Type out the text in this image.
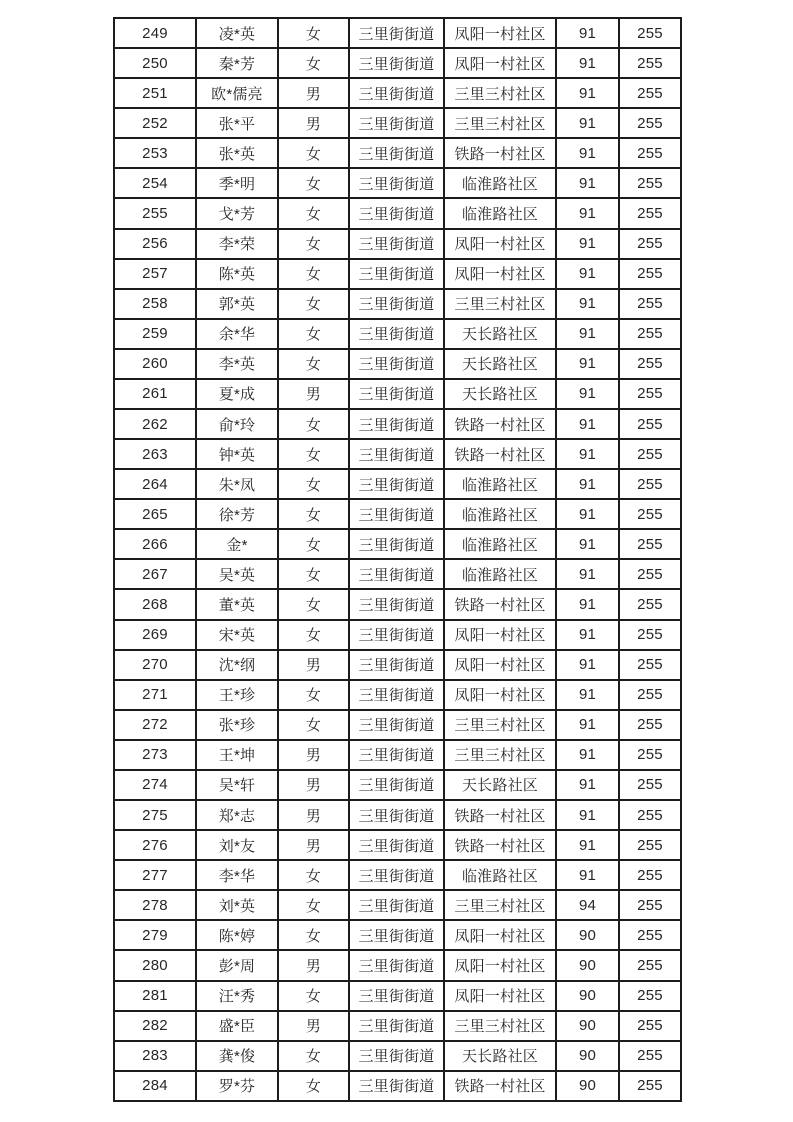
249	凌*英	女	三里街街道	凤阳一村社区	91	255
250	秦*芳	女	三里街街道	凤阳一村社区	91	255
251	欧*儒亮	男	三里街街道	三里三村社区	91	255
252	张*平	男	三里街街道	三里三村社区	91	255
253	张*英	女	三里街街道	铁路一村社区	91	255
254	季*明	女	三里街街道	临淮路社区	91	255
255	戈*芳	女	三里街街道	临淮路社区	91	255
256	李*荣	女	三里街街道	凤阳一村社区	91	255
257	陈*英	女	三里街街道	凤阳一村社区	91	255
258	郭*英	女	三里街街道	三里三村社区	91	255
259	余*华	女	三里街街道	天长路社区	91	255
260	李*英	女	三里街街道	天长路社区	91	255
261	夏*成	男	三里街街道	天长路社区	91	255
262	俞*玲	女	三里街街道	铁路一村社区	91	255
263	钟*英	女	三里街街道	铁路一村社区	91	255
264	朱*凤	女	三里街街道	临淮路社区	91	255
265	徐*芳	女	三里街街道	临淮路社区	91	255
266	金*	女	三里街街道	临淮路社区	91	255
267	吴*英	女	三里街街道	临淮路社区	91	255
268	董*英	女	三里街街道	铁路一村社区	91	255
269	宋*英	女	三里街街道	凤阳一村社区	91	255
270	沈*纲	男	三里街街道	凤阳一村社区	91	255
271	王*珍	女	三里街街道	凤阳一村社区	91	255
272	张*珍	女	三里街街道	三里三村社区	91	255
273	王*坤	男	三里街街道	三里三村社区	91	255
274	吴*轩	男	三里街街道	天长路社区	91	255
275	郑*志	男	三里街街道	铁路一村社区	91	255
276	刘*友	男	三里街街道	铁路一村社区	91	255
277	李*华	女	三里街街道	临淮路社区	91	255
278	刘*英	女	三里街街道	三里三村社区	94	255
279	陈*婷	女	三里街街道	凤阳一村社区	90	255
280	彭*周	男	三里街街道	凤阳一村社区	90	255
281	汪*秀	女	三里街街道	凤阳一村社区	90	255
282	盛*臣	男	三里街街道	三里三村社区	90	255
283	龚*俊	女	三里街街道	天长路社区	90	255
284	罗*芬	女	三里街街道	铁路一村社区	90	255
